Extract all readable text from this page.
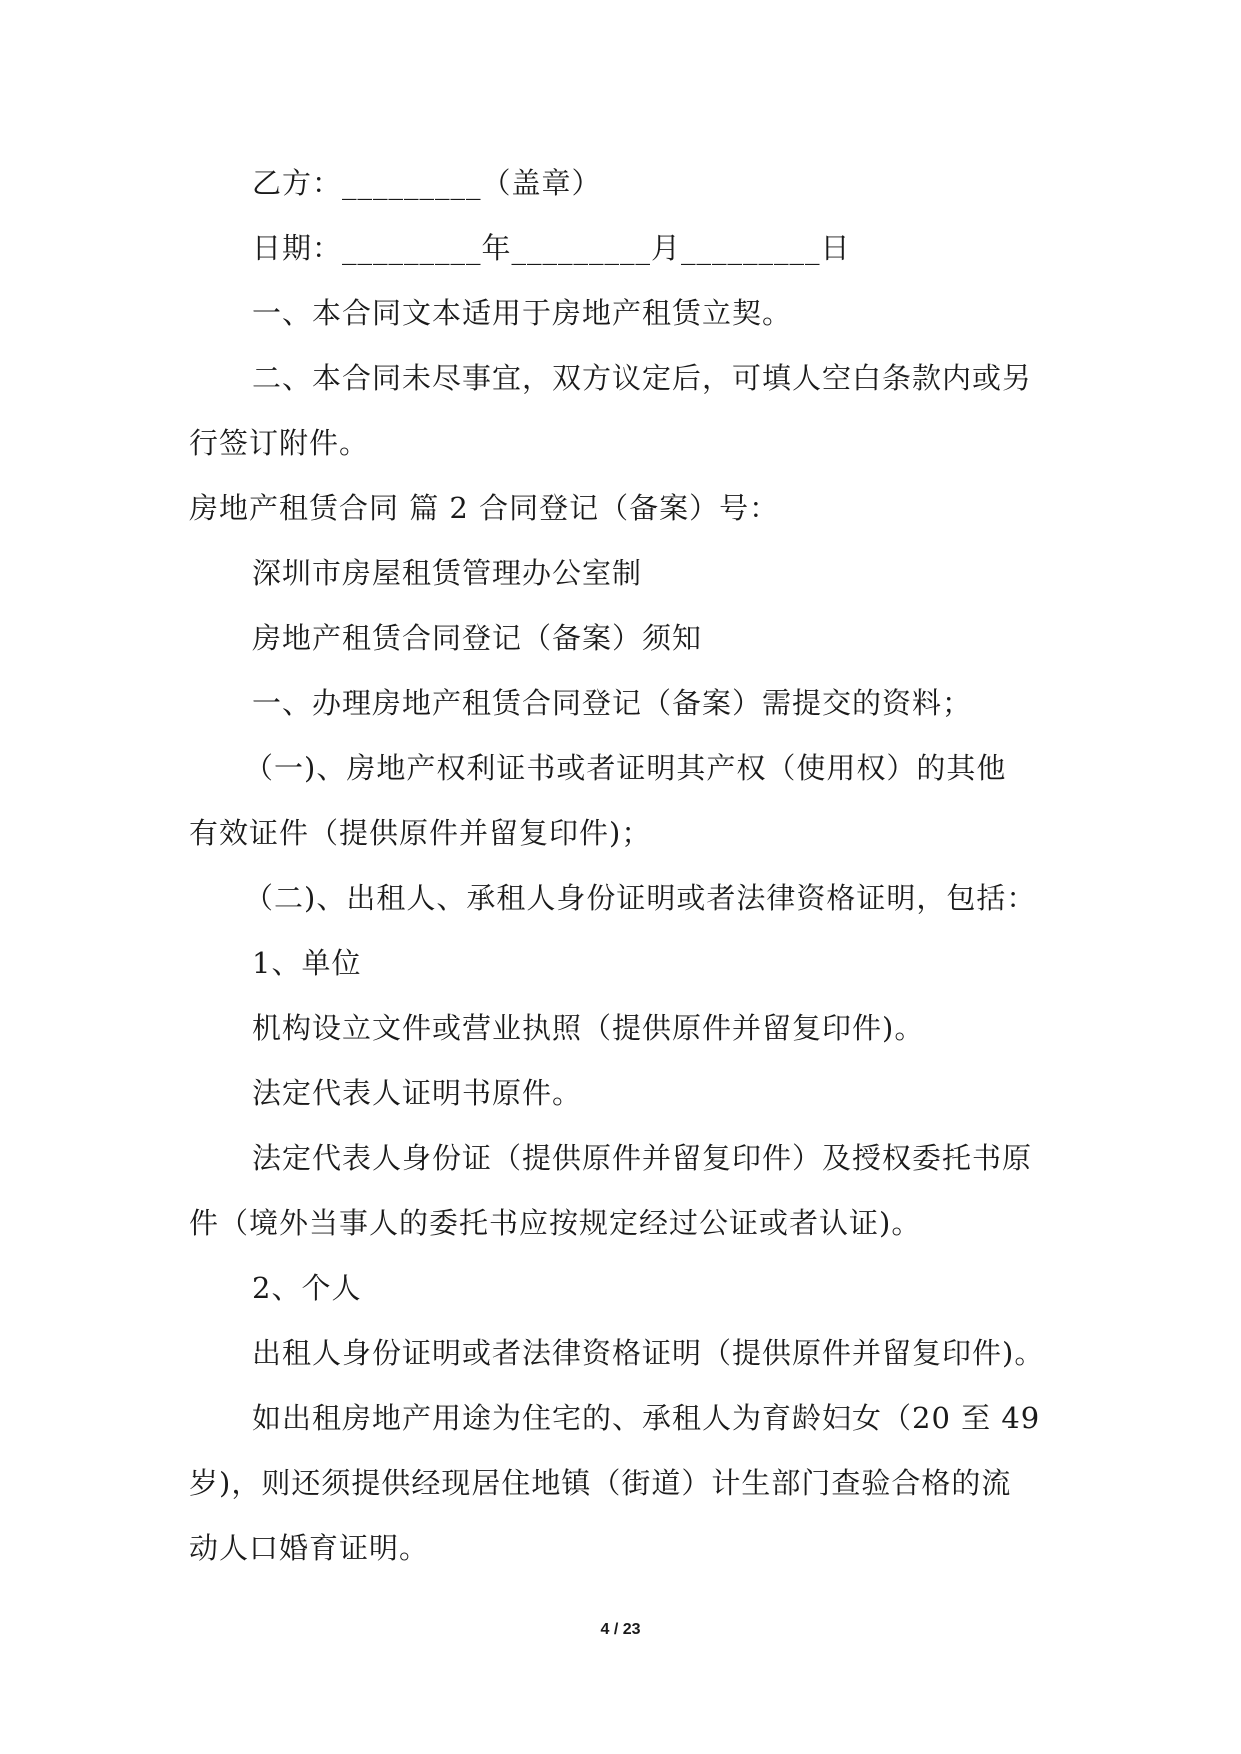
乙方：_________（盖章）
日期：_________年_________月_________日
一、本合同文本适用于房地产租赁立契。
二、本合同未尽事宜，双方议定后，可填人空白条款内或另
行签订附件。
房地产租赁合同 篇 2 合同登记（备案）号：
深圳市房屋租赁管理办公室制
房地产租赁合同登记（备案）须知
一、办理房地产租赁合同登记（备案）需提交的资料；
（一)、房地产权利证书或者证明其产权（使用权）的其他
有效证件（提供原件并留复印件)；
（二)、出租人、承租人身份证明或者法律资格证明，包括：
1、单位
机构设立文件或营业执照（提供原件并留复印件)。
法定代表人证明书原件。
法定代表人身份证（提供原件并留复印件）及授权委托书原
件（境外当事人的委托书应按规定经过公证或者认证)。
2、个人
出租人身份证明或者法律资格证明（提供原件并留复印件)。
如出租房地产用途为住宅的、承租人为育龄妇女（20 至 49
岁)，则还须提供经现居住地镇（街道）计生部门查验合格的流
动人口婚育证明。
4 / 23
